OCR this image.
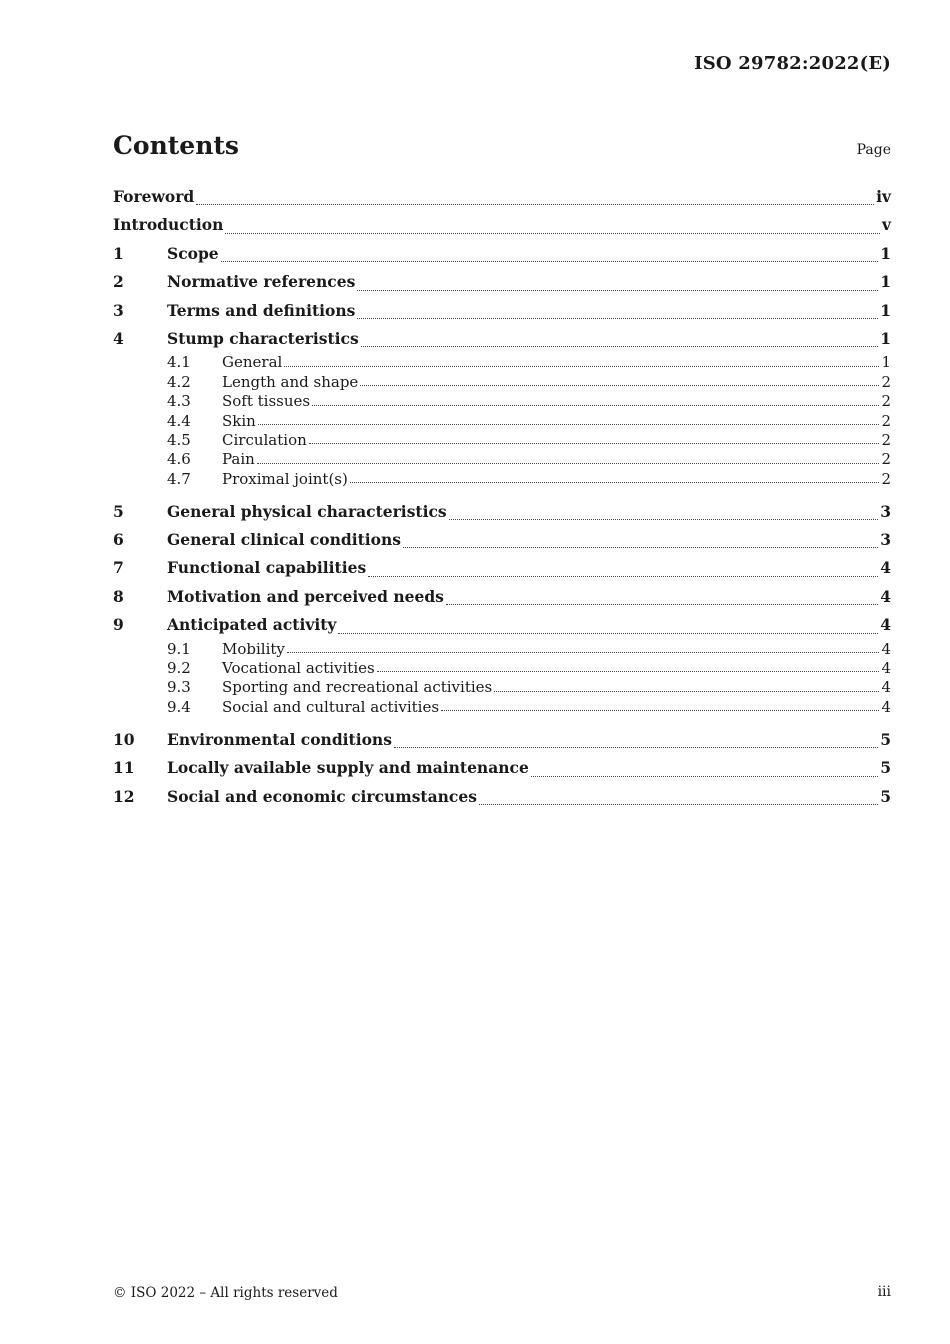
ISO 29782:2022(E)
Contents	Page
Foreword	iv
Introduction	v
1	Scope	1
2	Normative references	1
3	Terms and definitions	1
4	Stump characteristics	1
4.1	General	1
4.2	Length and shape	2
4.3	Soft tissues	2
4.4	Skin	2
4.5	Circulation	2
4.6	Pain	2
4.7	Proximal joint(s)	2
5	General physical characteristics	3
6	General clinical conditions	3
7	Functional capabilities	4
8	Motivation and perceived needs	4
9	Anticipated activity	4
9.1	Mobility	4
9.2	Vocational activities	4
9.3	Sporting and recreational activities	4
9.4	Social and cultural activities	4
10	Environmental conditions	5
11	Locally available supply and maintenance	5
12	Social and economic circumstances	5
© ISO 2022 – All rights reserved	iii
